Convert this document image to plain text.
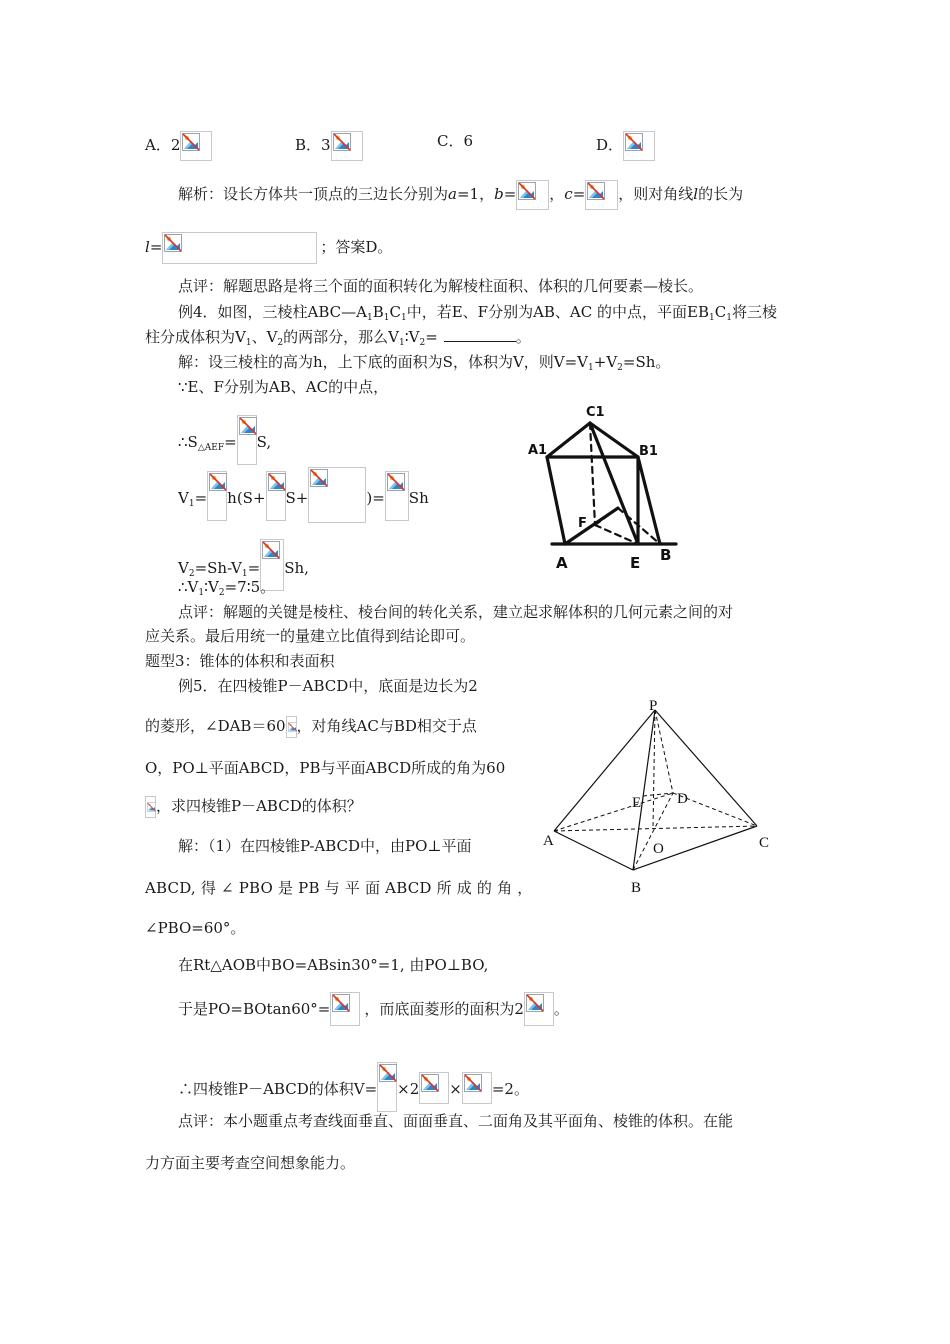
A．2	B．3	C．6	D．
解析：设长方体共一顶点的三边长分别为a=1，b= ，c= ，则对角线l的长为
l=	；答案D。
点评：解题思路是将三个面的面积转化为解棱柱面积、体积的几何要素—棱长。
例4．如图，三棱柱$ABC—A_1B_1C_1$中，若E、F分别为AB、AC 的中点，平面$EB_1C_1$将三棱
柱分成体积为$V_1$、$V_2$的两部分，那么$V_1∶V_2=$	。
解：设三棱柱的高为h，上下底的面积为S，体积为V，则$V=V_1+V_2=Sh$。
∵E、F分别为AB、AC的中点，
$\therefore S_{\triangle AEF}= S$,
$V_1= h(S+ S+$	)= Sh
$V_2=Sh-V_1= Sh$,
$\therefore V_1∶V_2=7∶5$。
点评：解题的关键是棱柱、棱台间的转化关系，建立起求解体积的几何元素之间的对
应关系。最后用统一的量建立比值得到结论即可。
题型3：锥体的体积和表面积
例5．在四棱锥P－ABCD中，底面是边长为2
的菱形，∠DAB＝60 ，对角线AC与BD相交于点
O，PO⊥平面ABCD，PB与平面ABCD所成的角为60
，求四棱锥P－ABCD的体积？
解：（1）在四棱锥P-ABCD中，由PO⊥平面
ABCD, 得 ∠ PBO 是 PB 与 平 面 ABCD 所 成 的 角 ，
∠PBO=60°。
在Rt△AOB中BO=ABsin30°=1, 由PO⊥BO,
于是PO=BOtan60°= ，而底面菱形的面积为2 。
∴四棱锥P－ABCD的体积V= ×2 × =2。
点评：本小题重点考查线面垂直、面面垂直、二面角及其平面角、棱锥的体积。在能
力方面主要考查空间想象能力。
C1
A1	B1
F
A	E B
P
E D
A	C
O
B
